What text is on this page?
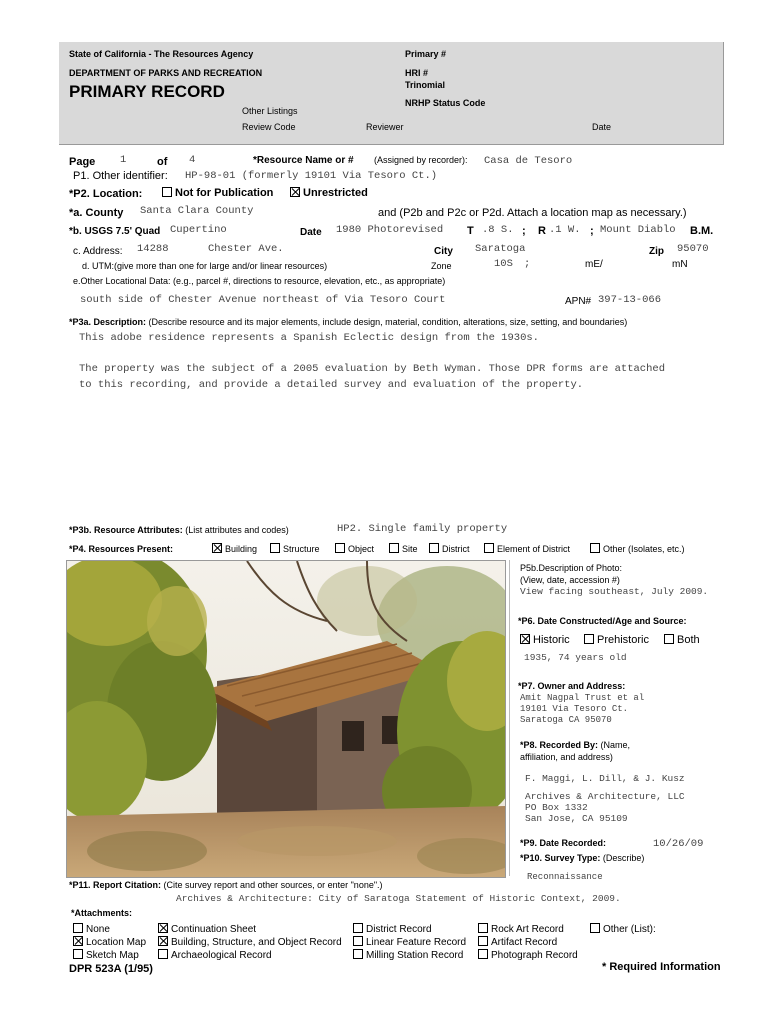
State of California - The Resources Agency
DEPARTMENT OF PARKS AND RECREATION
PRIMARY RECORD
Primary #
HRI #
Trinomial
NRHP Status Code
Other Listings
Review Code	Reviewer	Date
Page 1	of 4	*Resource Name or # (Assigned by recorder): Casa de Tesoro
P1. Other identifier: HP-98-01 (formerly 19101 Via Tesoro Ct.)
*P2. Location:	Not for Publication	Unrestricted
*a. County Santa Clara County	and (P2b and P2c or P2d. Attach a location map as necessary.)
*b. USGS 7.5' Quad Cupertino	Date 1980 Photorevised T .8 S. ; R .1 W. ; Mount Diablo B.M.
c. Address: 14288	Chester Ave.	City Saratoga	Zip 95070
d. UTM:(give more than one for large and/or linear resources)	Zone	10S ;	mE/	mN
e.Other Locational Data: (e.g., parcel #, directions to resource, elevation, etc., as appropriate)
south side of Chester Avenue northeast of Via Tesoro Court	APN# 397-13-066
*P3a. Description: (Describe resource and its major elements, include design, material, condition, alterations, size, setting, and boundaries)
This adobe residence represents a Spanish Eclectic design from the 1930s.
The property was the subject of a 2005 evaluation by Beth Wyman. Those DPR forms are attached
to this recording, and provide a detailed survey and evaluation of the property.
*P3b. Resource Attributes: (List attributes and codes)	HP2. Single family property
*P4. Resources Present:	Building	Structure	Object	Site	District	Element of District	Other (Isolates, etc.)
P5b.Description of Photo:
(View, date, accession #)
View facing southeast, July 2009.
*P6. Date Constructed/Age and Source:
Historic	Prehistoric	Both
1935, 74 years old
*P7. Owner and Address:
Amit Nagpal Trust et al
19101 Via Tesoro Ct.
Saratoga CA 95070
*P8. Recorded By: (Name,
affiliation, and address)
F. Maggi, L. Dill, & J. Kusz
Archives & Architecture, LLC
PO Box 1332
San Jose, CA 95109
*P9. Date Recorded:	10/26/09
*P10. Survey Type: (Describe)
Reconnaissance
*P11. Report Citation: (Cite survey report and other sources, or enter "none".)
Archives & Architecture: City of Saratoga Statement of Historic Context, 2009.
*Attachments:
None
Location Map
Sketch Map
Continuation Sheet
Building, Structure, and Object Record
Archaeological Record
District Record
Linear Feature Record
Milling Station Record
Rock Art Record
Artifact Record
Photograph Record
Other (List):
DPR 523A (1/95)	* Required Information
